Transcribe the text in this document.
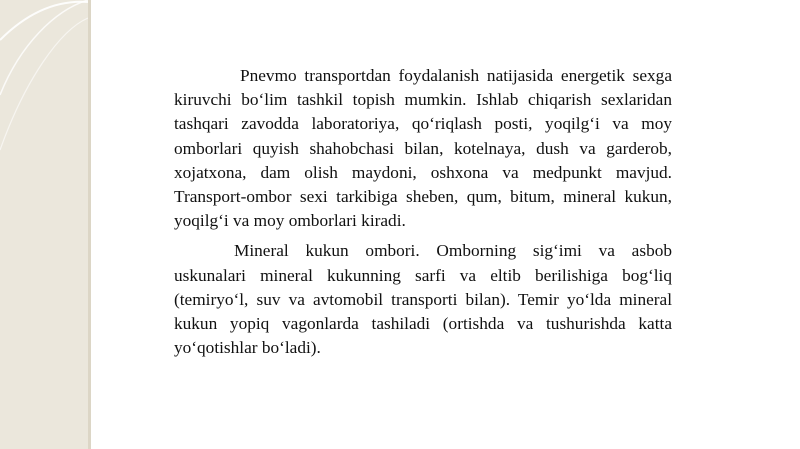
Pnevmo transportdan foydalanish natijasida energetik sexga kiruvchi bo‘lim tashkil topish mumkin. Ishlab chiqarish sexlaridan tashqari zavodda laboratoriya, qo‘riqlash posti, yoqilg‘i va moy omborlari quyish shahobchasi bilan, kotelnaya, dush va garderob, xojatxona, dam olish maydoni, oshxona va medpunkt mavjud. Transport-ombor sexi tarkibiga sheben, qum, bitum, mineral kukun, yoqilg‘i va moy omborlari kiradi.

Mineral kukun ombori. Omborning sig‘imi va asbob uskunalari mineral kukunning sarfi va eltib berilishiga bog‘liq (temiryo‘l, suv va avtomobil transporti bilan). Temir yo‘lda mineral kukun yopiq vagonlarda tashiladi (ortishda va tushurishda katta yo‘qotishlar bo‘ladi).
